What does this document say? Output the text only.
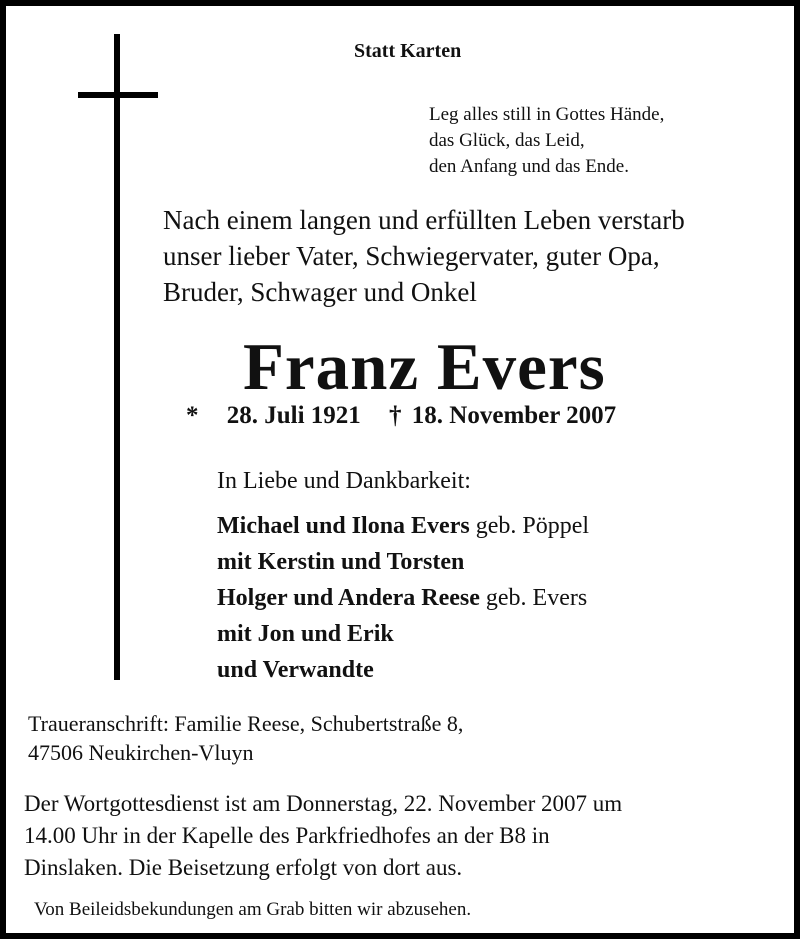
Statt Karten
Leg alles still in Gottes Hände,
das Glück, das Leid,
den Anfang und das Ende.
Nach einem langen und erfüllten Leben verstarb
unser lieber Vater, Schwiegervater, guter Opa,
Bruder, Schwager und Onkel
Franz Evers
* 28. Juli 1921 † 18. November 2007
In Liebe und Dankbarkeit:
Michael und Ilona Evers geb. Pöppel
mit Kerstin und Torsten
Holger und Andera Reese geb. Evers
mit Jon und Erik
und Verwandte
Traueranschrift: Familie Reese, Schubertstraße 8,
47506 Neukirchen-Vluyn
Der Wortgottesdienst ist am Donnerstag, 22. November 2007 um
14.00 Uhr in der Kapelle des Parkfriedhofes an der B8 in
Dinslaken. Die Beisetzung erfolgt von dort aus.
Von Beileidsbekundungen am Grab bitten wir abzusehen.
